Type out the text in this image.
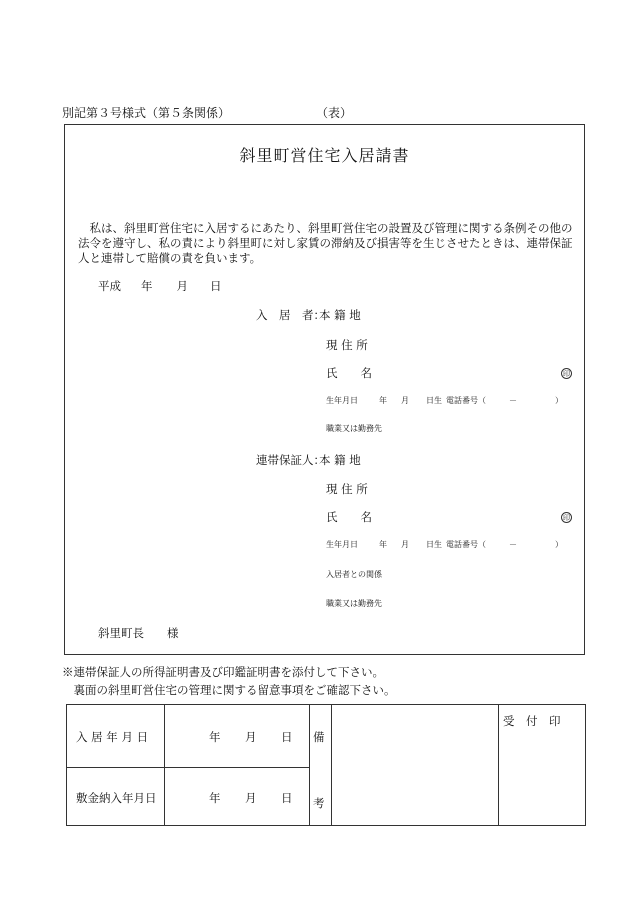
別記第３号様式（第５条関係）	（表）
斜里町営住宅入居請書
　私は、斜里町営住宅に入居するにあたり、斜里町営住宅の設置及び管理に関する条例その他の法令を遵守し、私の責により斜里町に対し家賃の滞納及び損害等を生じさせたときは、連帯保証人と連帯して賠償の責を負います。
平成 年 月 日
入　居　者：
本 籍 地
現 住 所
氏　　名	印
生年月日	年 月 日生 電話番号（	－	）
職業又は勤務先
連帯保証人：
本 籍 地
現 住 所
氏　　名	印
生年月日	年 月 日生 電話番号（	－	）
入居者との関係
職業又は勤務先
斜里町長　　様
※連帯保証人の所得証明書及び印鑑証明書を添付して下さい。
　裏面の斜里町営住宅の管理に関する留意事項をご確認下さい。
入 居 年 月 日	年 月 日
敷金納入年月日	年 月 日
備
考
受　付　印
